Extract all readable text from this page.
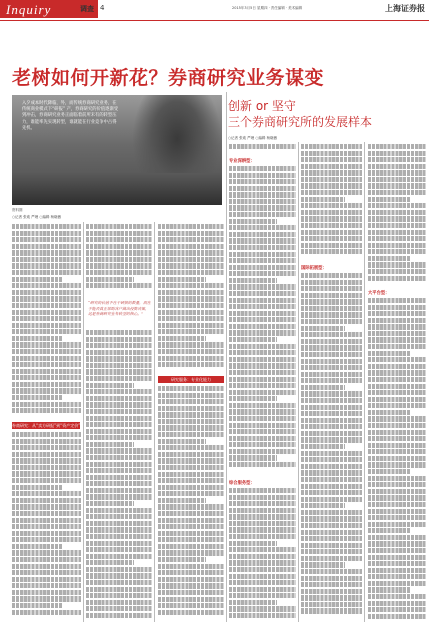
Inquiry	调查 4	2015年3月5日 星期四 · 责任编辑 · 美术编辑	上海证券报
老树如何开新花？券商研究业务谋变
入夕成本时代降临，外，而传统券商研究业务，在传统商业模式下“研报” 产，券商研究的价值逐渐受到冲击，券商研究业务正面临着前所未有的转型压力，谁能率先实现转型，谁就能在行业竞争中占得先机。
资料图
○记者 张欢 严理 ○编辑 杨晓薇
创新 or 坚守
三个券商研究所的发展样本
○记者 张欢 严理 ○编辑 杨晓薇
券商研究：从“卖方研报”到“资产定价”
研究服务：专业化能力
“研究的价值不在于研报的数量，而在于能否真正帮助客户做出投资决策，这是券商研究业务转型的核心。”
专业深耕型：
综合服务型：
国际拓展型：
大平台型：
